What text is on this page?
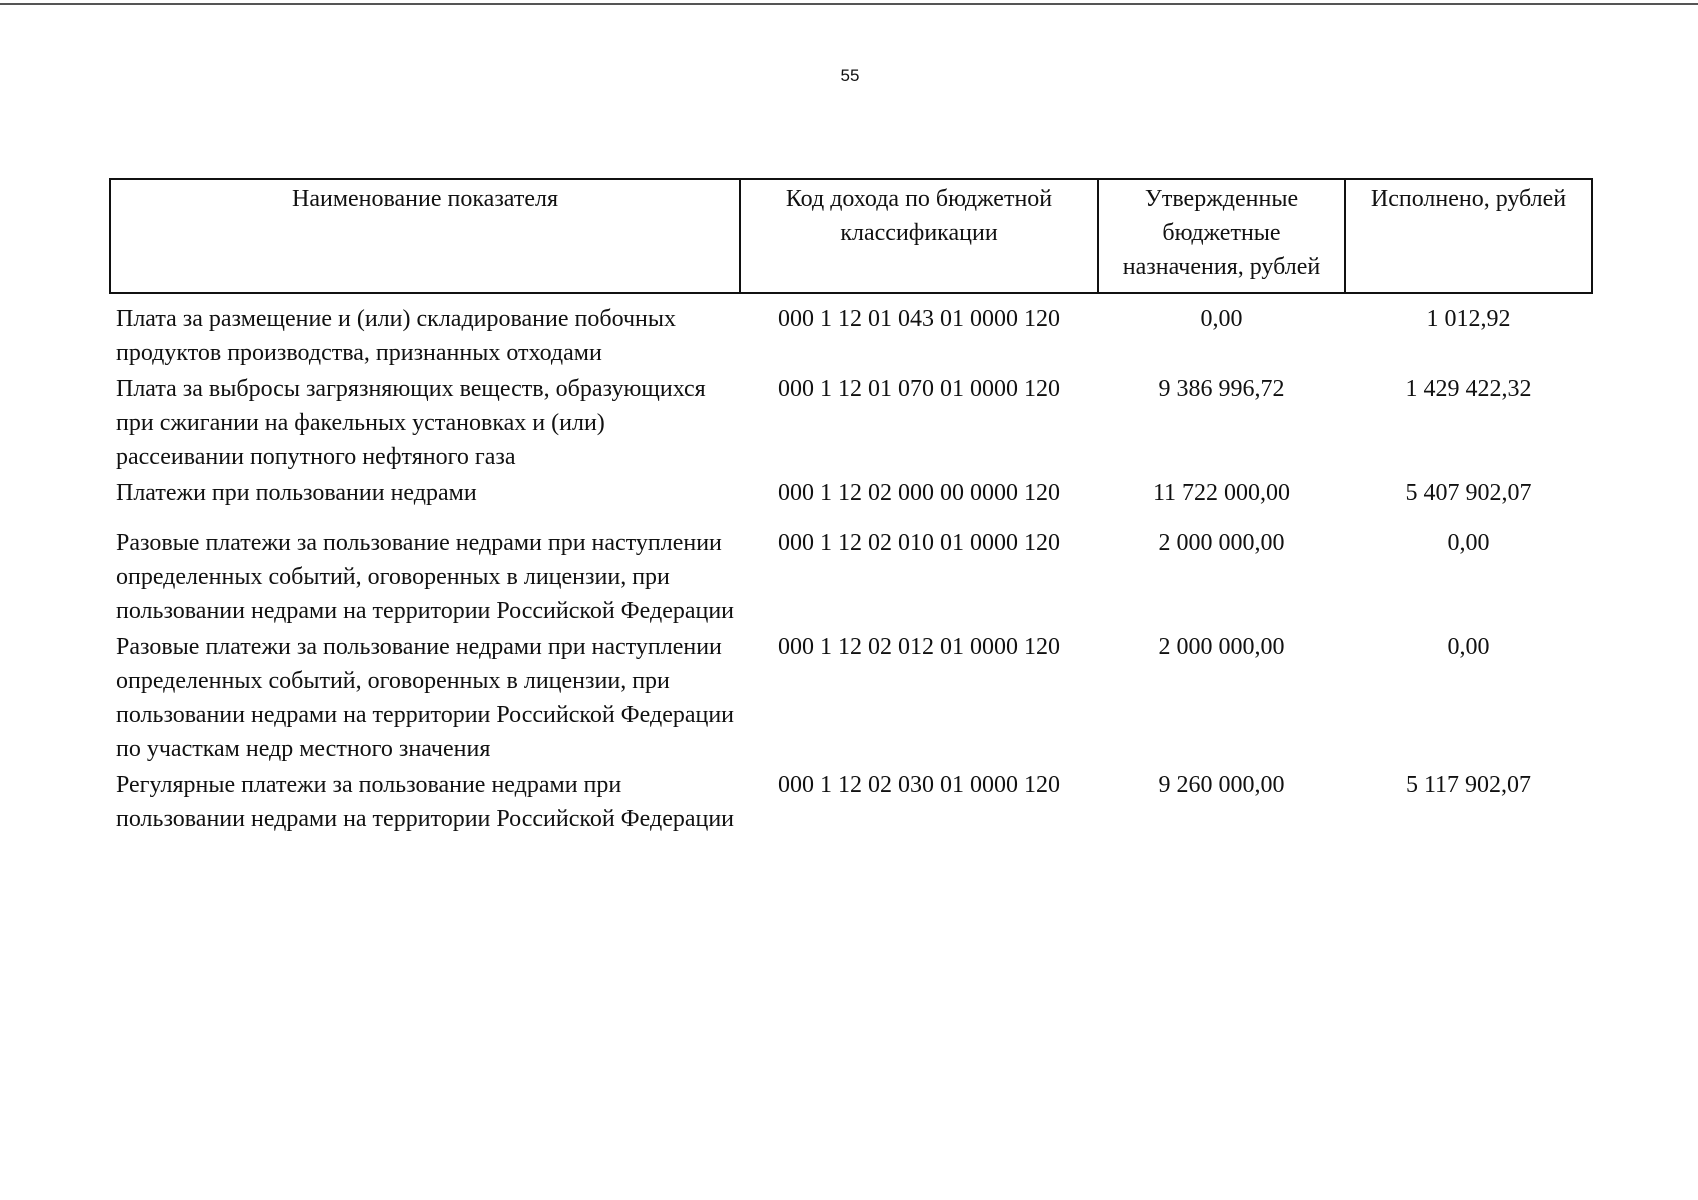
55
Наименование показателя	Код дохода по бюджетной классификации	Утвержденные бюджетные назначения, рублей	Исполнено, рублей
Плата за размещение и (или) складирование побочных продуктов производства, признанных отходами	000 1 12 01 043 01 0000 120	0,00	1 012,92
Плата за выбросы загрязняющих веществ, образующихся при сжигании на факельных установках и (или) рассеивании попутного нефтяного газа	000 1 12 01 070 01 0000 120	9 386 996,72	1 429 422,32
Платежи при пользовании недрами	000 1 12 02 000 00 0000 120	11 722 000,00	5 407 902,07
Разовые платежи за пользование недрами при наступлении определенных событий, оговоренных в лицензии, при пользовании недрами на территории Российской Федерации	000 1 12 02 010 01 0000 120	2 000 000,00	0,00
Разовые платежи за пользование недрами при наступлении определенных событий, оговоренных в лицензии, при пользовании недрами на территории Российской Федерации по участкам недр местного значения	000 1 12 02 012 01 0000 120	2 000 000,00	0,00
Регулярные платежи за пользование недрами при пользовании недрами на территории Российской Федерации	000 1 12 02 030 01 0000 120	9 260 000,00	5 117 902,07
